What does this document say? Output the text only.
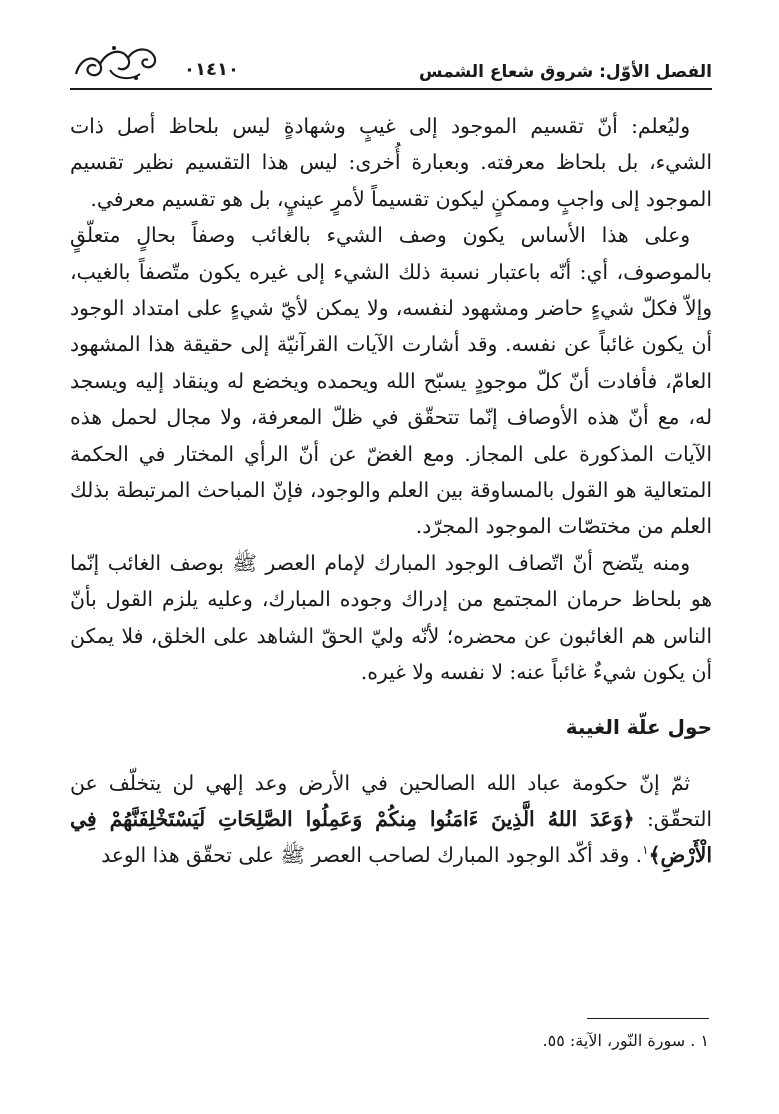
الفصل الأوّل: شروق شعاع الشمس
۰١٤١۰

وليُعلم: أنّ تقسيم الموجود إلى غيبٍ وشهادةٍ ليس بلحاظ أصل ذات الشيء، بل بلحاظ معرفته. وبعبارة أُخرى: ليس هذا التقسيم نظير تقسيم الموجود إلى واجبٍ وممكنٍ ليكون تقسيماً لأمرٍ عينيٍ، بل هو تقسيم معرفي.

وعلى هذا الأساس يكون وصف الشيء بالغائب وصفاً بحالٍ متعلّقٍ بالموصوف، أي: أنّه باعتبار نسبة ذلك الشيء إلى غيره يكون متّصفاً بالغيب، وإلاّ فكلّ شيءٍ حاضر ومشهود لنفسه، ولا يمكن لأيّ شيءٍ على امتداد الوجود أن يكون غائباً عن نفسه. وقد أشارت الآيات القرآنيّة إلى حقيقة هذا المشهود العامّ، فأفادت أنّ كلّ موجودٍ يسبّح الله ويحمده ويخضع له وينقاد إليه ويسجد له، مع أنّ هذه الأوصاف إنّما تتحقّق في ظلّ المعرفة، ولا مجال لحمل هذه الآيات المذكورة على المجاز. ومع الغضّ عن أنّ الرأي المختار في الحكمة المتعالية هو القول بالمساوقة بين العلم والوجود، فإنّ المباحث المرتبطة بذلك العلم من مختصّات الموجود المجرّد.

ومنه يتّضح أنّ اتّصاف الوجود المبارك لإمام العصر ﷺ بوصف الغائب إنّما هو بلحاظ حرمان المجتمع من إدراك وجوده المبارك، وعليه يلزم القول بأنّ الناس هم الغائبون عن محضره؛ لأنّه وليّ الحقّ الشاهد على الخلق، فلا يمكن أن يكون شيءٌ غائباً عنه: لا نفسه ولا غيره.

حول علّة الغيبة

ثمّ إنّ حكومة عباد الله الصالحين في الأرض وعد إلهي لن يتخلّف عن التحقّق: ﴿وَعَدَ اللهُ الَّذِينَ ءَامَنُوا مِنكُمْ وَعَمِلُوا الصَّلِحَاتِ لَيَسْتَخْلِفَنَّهُمْ فِي الْأَرْضِ﴾$^١$. وقد أكّد الوجود المبارك لصاحب العصر ﷺ على تحقّق هذا الوعد

١ . سورة النّور، الآية: ٥٥.
